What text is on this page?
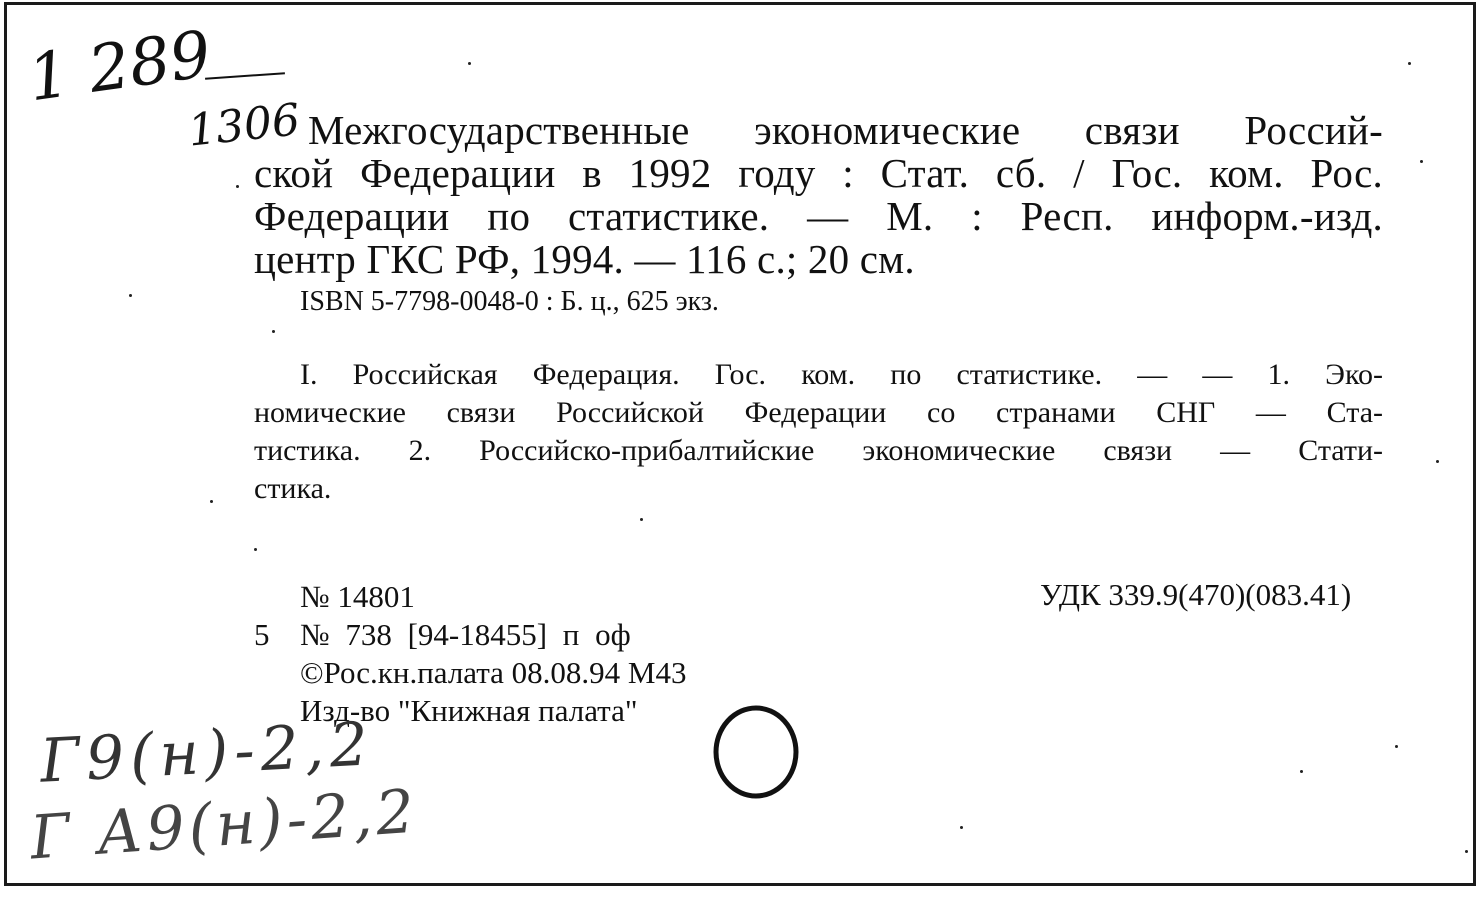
1 289
1306 Межгосударственные экономические связи Россий-
ской Федерации в 1992 году : Стат. сб. / Гос. ком. Рос.
Федерации по статистике. — М. : Респ. информ.-изд.
центр ГКС РФ, 1994. — 116 с.; 20 см.
ISBN 5-7798-0048-0 : Б. ц., 625 экз.
I. Российская Федерация. Гос. ком. по статистике. — — 1. Эко-
номические связи Российской Федерации со странами СНГ — Ста-
тистика. 2. Российско-прибалтийские экономические связи — Стати-
стика.
№ 14801	УДК 339.9(470)(083.41)
5 № 738 [94-18455] п оф
©Рос.кн.палата 08.08.94 М43
Изд-во "Книжная палата"
Г9(н)-2,2
Г А9(н)-2,2
